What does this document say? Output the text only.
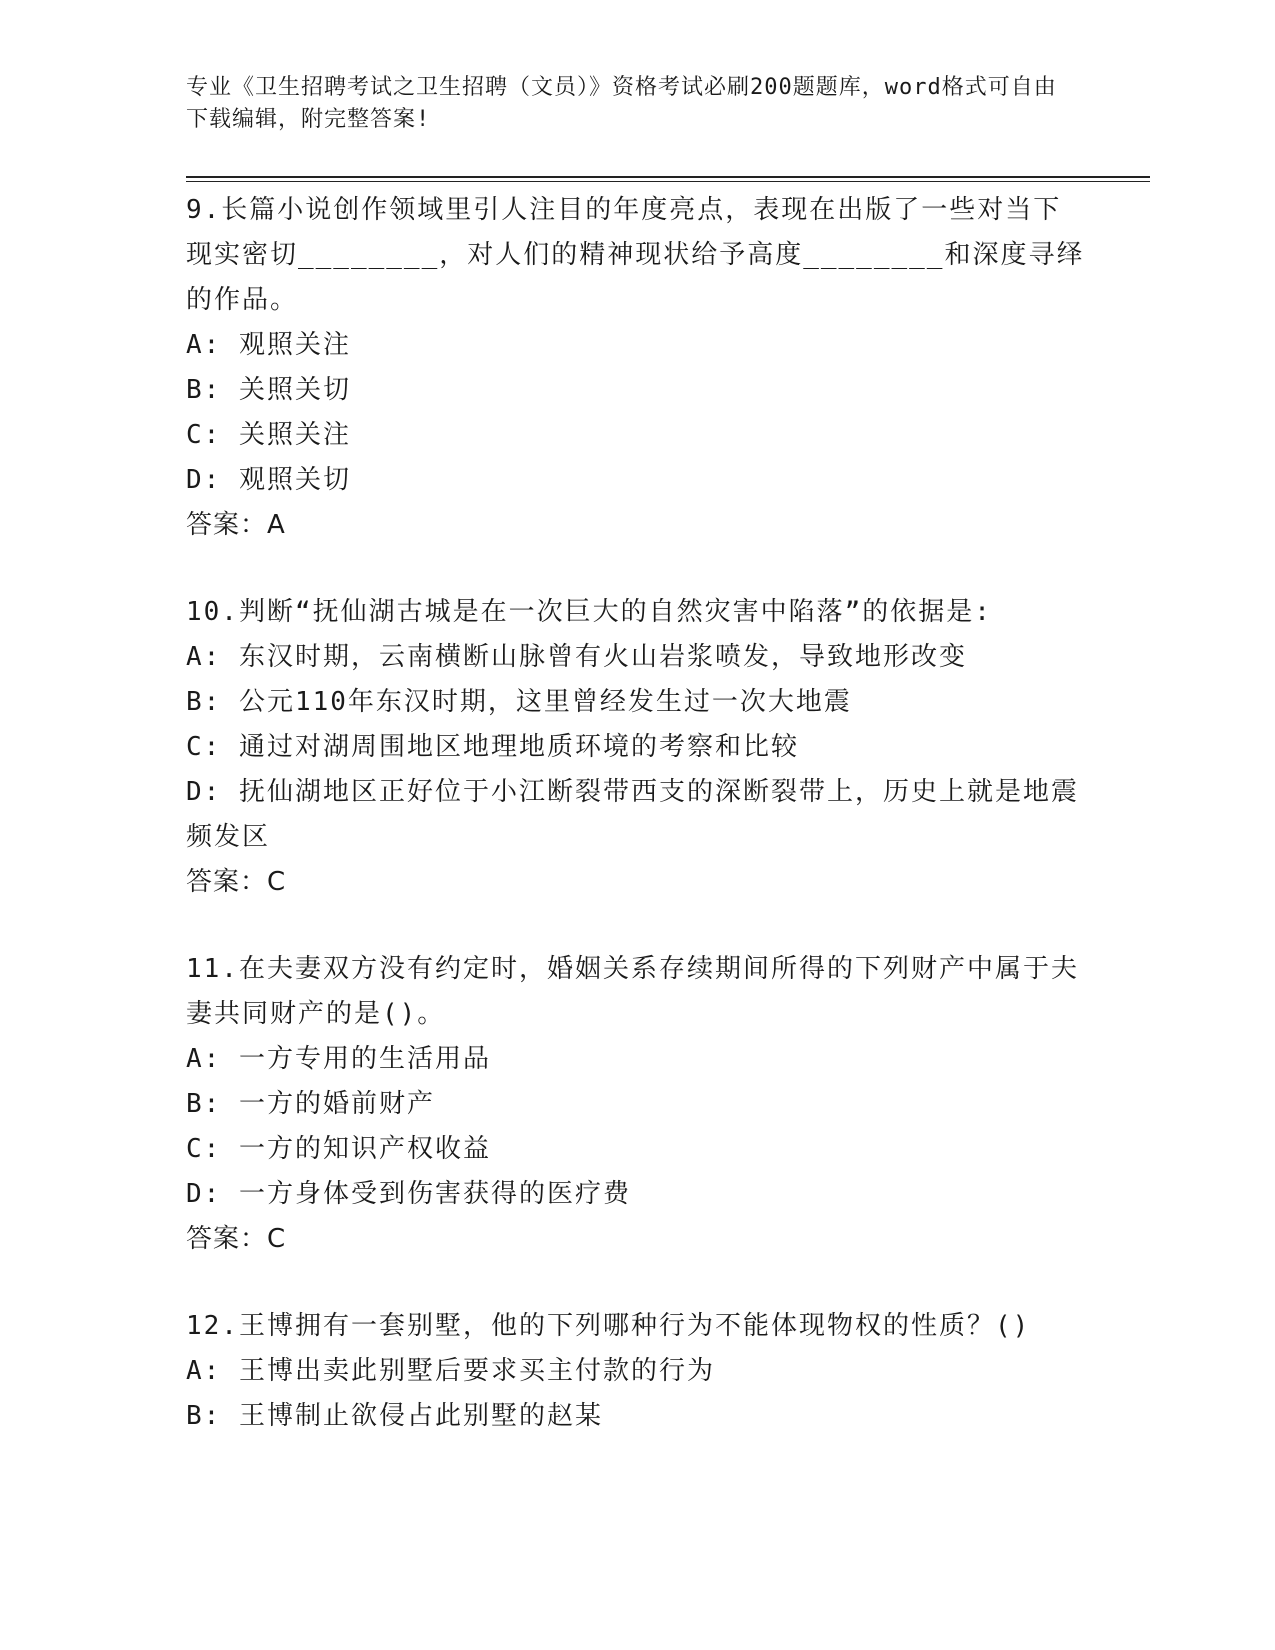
专业《卫生招聘考试之卫生招聘（文员）》资格考试必刷200题题库，word格式可自由下载编辑，附完整答案!

9.长篇小说创作领域里引人注目的年度亮点，表现在出版了一些对当下现实密切________，对人们的精神现状给予高度________和深度寻绎的作品。

A: 观照关注

B: 关照关切

C: 关照关注

D: 观照关切

答案：A

10.判断“抚仙湖古城是在一次巨大的自然灾害中陷落”的依据是:

A: 东汉时期，云南横断山脉曾有火山岩浆喷发，导致地形改变

B: 公元110年东汉时期，这里曾经发生过一次大地震

C: 通过对湖周围地区地理地质环境的考察和比较

D: 抚仙湖地区正好位于小江断裂带西支的深断裂带上，历史上就是地震频发区

答案：C

11.在夫妻双方没有约定时，婚姻关系存续期间所得的下列财产中属于夫妻共同财产的是()。

A: 一方专用的生活用品

B: 一方的婚前财产

C: 一方的知识产权收益

D: 一方身体受到伤害获得的医疗费

答案：C

12.王博拥有一套别墅，他的下列哪种行为不能体现物权的性质？()

A: 王博出卖此别墅后要求买主付款的行为

B: 王博制止欲侵占此别墅的赵某
